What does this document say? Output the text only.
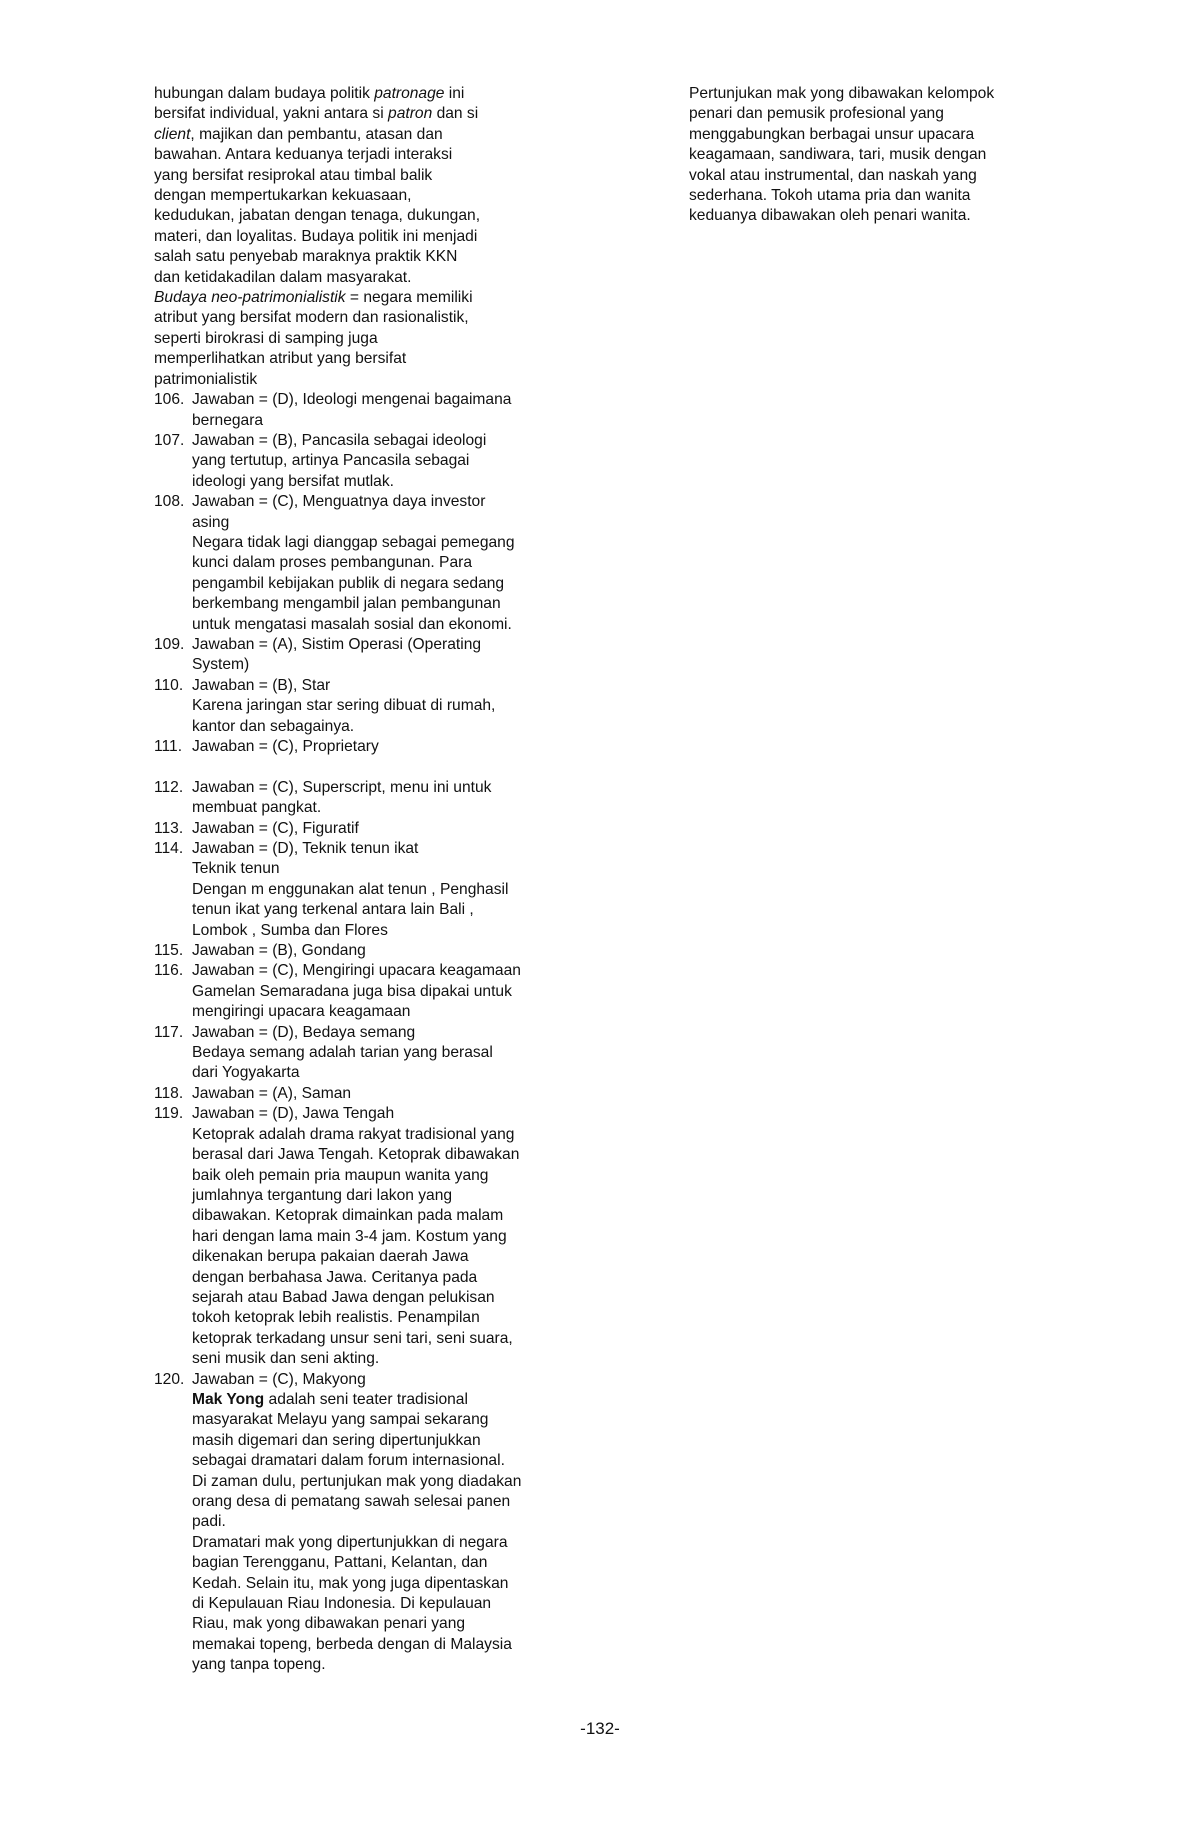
hubungan dalam budaya politik patronage ini
bersifat individual, yakni antara si patron dan si
client, majikan dan pembantu, atasan dan
bawahan. Antara keduanya terjadi interaksi
yang bersifat resiprokal atau timbal balik
dengan mempertukarkan kekuasaan,
kedudukan, jabatan dengan tenaga, dukungan,
materi, dan loyalitas. Budaya politik ini menjadi
salah satu penyebab maraknya praktik KKN
dan ketidakadilan dalam masyarakat.
Budaya neo-patrimonialistik = negara memiliki
atribut yang bersifat modern dan rasionalistik,
seperti birokrasi di samping juga
memperlihatkan atribut yang bersifat
patrimonialistik
106. Jawaban = (D), Ideologi mengenai bagaimana
bernegara
107. Jawaban = (B), Pancasila sebagai ideologi
yang tertutup, artinya Pancasila sebagai
ideologi yang bersifat mutlak.
108. Jawaban = (C), Menguatnya daya investor
asing
Negara tidak lagi dianggap sebagai pemegang
kunci dalam proses pembangunan. Para
pengambil kebijakan publik di negara sedang
berkembang mengambil jalan pembangunan
untuk mengatasi masalah sosial dan ekonomi.
109. Jawaban = (A), Sistim Operasi (Operating
System)
110. Jawaban = (B), Star
Karena jaringan star sering dibuat di rumah,
kantor dan sebagainya.
111. Jawaban = (C), Proprietary
112. Jawaban = (C), Superscript, menu ini untuk
membuat pangkat.
113. Jawaban = (C), Figuratif
114. Jawaban = (D), Teknik tenun ikat
Teknik tenun
Dengan m enggunakan alat tenun , Penghasil
tenun ikat yang terkenal antara lain Bali ,
Lombok , Sumba dan Flores
115. Jawaban = (B), Gondang
116. Jawaban = (C), Mengiringi upacara keagamaan
Gamelan Semaradana juga bisa dipakai untuk
mengiringi upacara keagamaan
117. Jawaban = (D), Bedaya semang
Bedaya semang adalah tarian yang berasal
dari Yogyakarta
118. Jawaban = (A), Saman
119. Jawaban = (D), Jawa Tengah
Ketoprak adalah drama rakyat tradisional yang
berasal dari Jawa Tengah. Ketoprak dibawakan
baik oleh pemain pria maupun wanita yang
jumlahnya tergantung dari lakon yang
dibawakan. Ketoprak dimainkan pada malam
hari dengan lama main 3-4 jam. Kostum yang
dikenakan berupa pakaian daerah Jawa
dengan berbahasa Jawa. Ceritanya pada
sejarah atau Babad Jawa dengan pelukisan
tokoh ketoprak lebih realistis. Penampilan
ketoprak terkadang unsur seni tari, seni suara,
seni musik dan seni akting.
120. Jawaban = (C), Makyong
Mak Yong adalah seni teater tradisional
masyarakat Melayu yang sampai sekarang
masih digemari dan sering dipertunjukkan
sebagai dramatari dalam forum internasional.
Di zaman dulu, pertunjukan mak yong diadakan
orang desa di pematang sawah selesai panen
padi.
Dramatari mak yong dipertunjukkan di negara
bagian Terengganu, Pattani, Kelantan, dan
Kedah. Selain itu, mak yong juga dipentaskan
di Kepulauan Riau Indonesia. Di kepulauan
Riau, mak yong dibawakan penari yang
memakai topeng, berbeda dengan di Malaysia
yang tanpa topeng.
Pertunjukan mak yong dibawakan kelompok
penari dan pemusik profesional yang
menggabungkan berbagai unsur upacara
keagamaan, sandiwara, tari, musik dengan
vokal atau instrumental, dan naskah yang
sederhana. Tokoh utama pria dan wanita
keduanya dibawakan oleh penari wanita.
-132-
